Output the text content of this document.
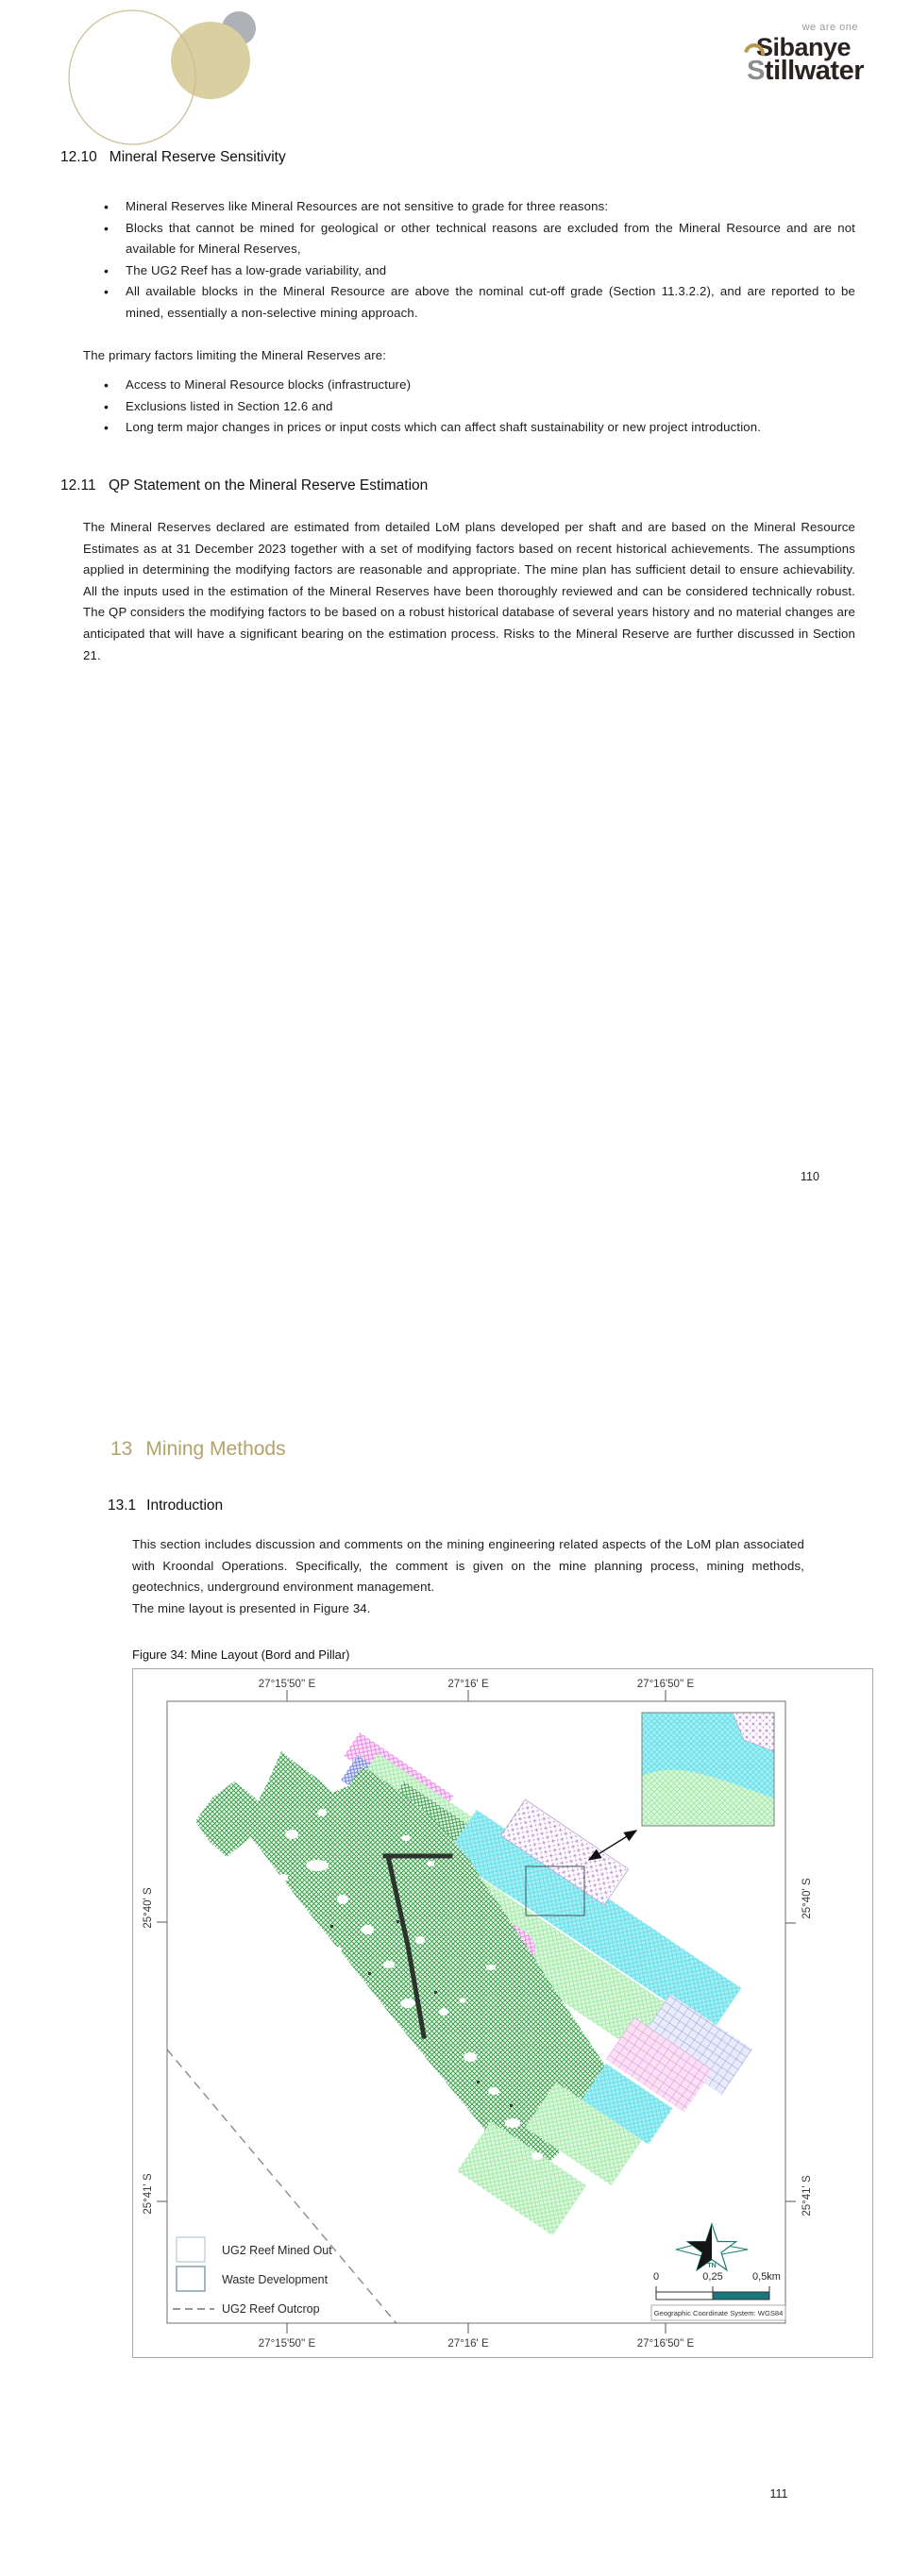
we are one
Sibanye
Stillwater
12.10 Mineral Reserve Sensitivity
• Mineral Reserves like Mineral Resources are not sensitive to grade for three reasons:
• Blocks that cannot be mined for geological or other technical reasons are excluded from the Mineral Resource and are not available for Mineral Reserves,
• The UG2 Reef has a low-grade variability, and
• All available blocks in the Mineral Resource are above the nominal cut-off grade (Section 11.3.2.2), and are reported to be mined, essentially a non-selective mining approach.
The primary factors limiting the Mineral Reserves are:
• Access to Mineral Resource blocks (infrastructure)
• Exclusions listed in Section 12.6 and
• Long term major changes in prices or input costs which can affect shaft sustainability or new project introduction.
12.11 QP Statement on the Mineral Reserve Estimation
The Mineral Reserves declared are estimated from detailed LoM plans developed per shaft and are based on the Mineral Resource Estimates as at 31 December 2023 together with a set of modifying factors based on recent historical achievements. The assumptions applied in determining the modifying factors are reasonable and appropriate. The mine plan has sufficient detail to ensure achievability. All the inputs used in the estimation of the Mineral Reserves have been thoroughly reviewed and can be considered technically robust. The QP considers the modifying factors to be based on a robust historical database of several years history and no material changes are anticipated that will have a significant bearing on the estimation process. Risks to the Mineral Reserve are further discussed in Section 21.
110
13 Mining Methods
13.1 Introduction
This section includes discussion and comments on the mining engineering related aspects of the LoM plan associated with Kroondal Operations. Specifically, the comment is given on the mine planning process, mining methods, geotechnics, underground environment management.
The mine layout is presented in Figure 34.
Figure 34: Mine Layout (Bord and Pillar)
27°15'50'' E	27°16' E	27°16'50'' E
27°15'50'' E	27°16' E	27°16'50'' E
25°40' S
25°41' S
25°40' S
25°41' S
UG2 Reef Mined Out
Waste Development
UG2 Reef Outcrop
TN
0	0,25	0,5km
Geographic Coordinate System: WGS84
111
